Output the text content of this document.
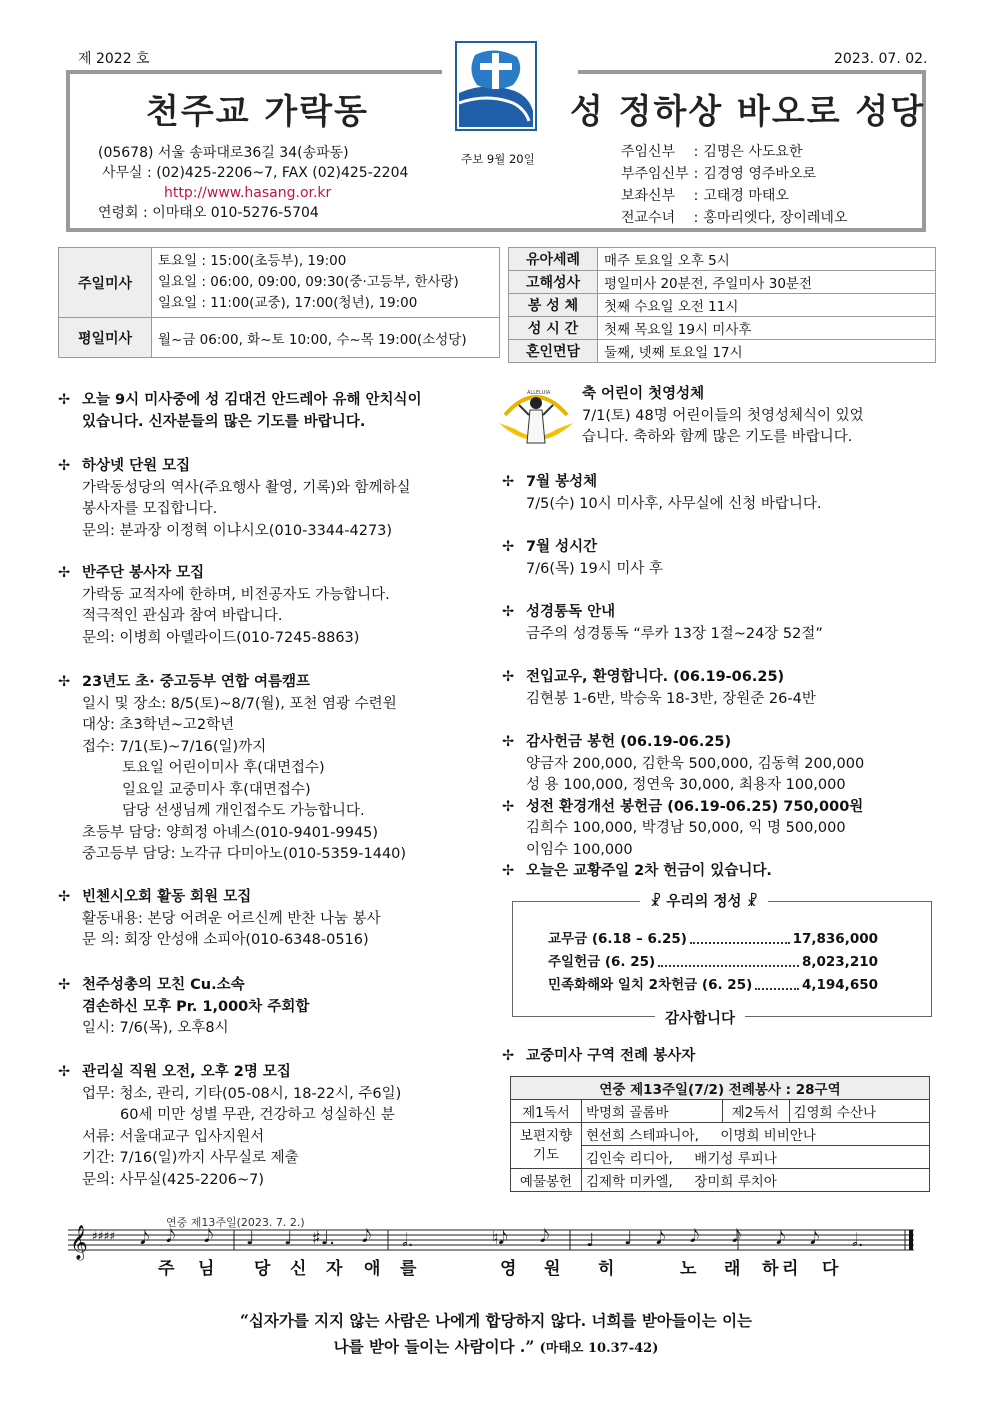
제 2022 호	2023. 07. 02.
천주교 가락동	성 정하상 바오로 성당
(05678) 서울 송파대로36길 34(송파동)
사무실 : (02)425-2206~7, FAX (02)425-2204
http://www.hasang.or.kr
연령회 : 이마태오 010-5276-5704
주보 9월 20일	주임신부	:	김명은 사도요한
부주임신부	:	김경영 영주바오로
보좌신부	:	고태경 마태오
전교수녀	:	홍마리엣다, 장이레네오
주일미사	토요일 : 15:00(초등부), 19:00
일요일 : 06:00, 09:00, 09:30(중·고등부, 한사랑)
일요일 : 11:00(교중), 17:00(청년), 19:00

평일미사	월~금 06:00, 화~토 10:00, 수~목 19:00(소성당)
유아세례	매주 토요일 오후 5시
고해성사	평일미사 20분전, 주일미사 30분전
봉 성 체	첫째 수요일 오전 11시
성 시 간	첫째 목요일 19시 미사후
혼인면담	둘째, 넷째 토요일 17시
✢ 오늘 9시 미사중에 성 김대건 안드레아 유해 안치식이
있습니다. 신자분들의 많은 기도를 바랍니다.
✢ 하상넷 단원 모집
가락동성당의 역사(주요행사 촬영, 기록)와 함께하실
봉사자를 모집합니다.
문의: 분과장 이정혁 이냐시오(010-3344-4273)
✢ 반주단 봉사자 모집
가락동 교적자에 한하며, 비전공자도 가능합니다.
적극적인 관심과 참여 바랍니다.
문의: 이병희 아델라이드(010-7245-8863)
✢ 23년도 초· 중고등부 연합 여름캠프
일시 및 장소: 8/5(토)~8/7(월), 포천 염광 수련원
대상: 초3학년~고2학년
접수: 7/1(토)~7/16(일)까지
토요일 어린이미사 후(대면접수)
일요일 교중미사 후(대면접수)
담당 선생님께 개인접수도 가능합니다.
초등부 담당: 양희정 아녜스(010-9401-9945)
중고등부 담당: 노각규 다미아노(010-5359-1440)
✢ 빈첸시오회 활동 회원 모집
활동내용: 본당 어려운 어르신께 반찬 나눔 봉사
문 의: 회장 안성애 소피아(010-6348-0516)
✢ 천주성총의 모친 Cu.소속
겸손하신 모후 Pr. 1,000차 주회합
일시: 7/6(목), 오후8시
✢ 관리실 직원 오전, 오후 2명 모집
업무: 청소, 관리, 기타(05-08시, 18-22시, 주6일)
60세 미만 성별 무관, 건강하고 성실하신 분
서류: 서울대교구 입사지원서
기간: 7/16(일)까지 사무실로 제출
문의: 사무실(425-2206~7)
ALLELUIA 축 어린이 첫영성체
7/1(토) 48명 어린이들의 첫영성체식이 있었
습니다. 축하와 함께 많은 기도를 바랍니다.
✢ 7월 봉성체
7/5(수) 10시 미사후, 사무실에 신청 바랍니다.
✢ 7월 성시간
7/6(목) 19시 미사 후
✢ 성경통독 안내
금주의 성경통독 “루카 13장 1절~24장 52절”
✢ 전입교우, 환영합니다. (06.19-06.25)
김현봉 1-6반, 박승욱 18-3반, 장원준 26-4반
✢ 감사헌금 봉헌 (06.19-06.25)
양금자 200,000, 김한욱 500,000, 김동혁 200,000
성 용 100,000, 정연욱 30,000, 최용자 100,000
✢ 성전 환경개선 봉헌금 (06.19-06.25) 750,000원
김희수 100,000, 박경남 50,000, 익 명 500,000
이임수 100,000
✢ 오늘은 교황주일 2차 헌금이 있습니다.
☧ 우리의 정성 ☧
교무금 (6.18 – 6.25)	17,836,000
주일헌금 (6. 25)	8,023,210
민족화해와 일치 2차헌금 (6. 25)	4,194,650
감사합니다
✢ 교중미사 구역 전례 봉사자
연중 제13주일(7/2) 전례봉사 : 28구역			
제1독서	박명희 골롬바	제2독서	김영희 수산나
보편지향 기도	현선희 스테파니아,     이명희 비비안나		
	김인숙 리디아,     배기성 루피나		
예물봉헌	김제학 미카엘,     장미희 루치아		
연중 제13주일(2023. 7. 2.)
𝄞 ♯♯♯♯ 𝅘𝅥𝅮 𝅘𝅥𝅮 𝅘𝅥𝅮 ♩ ♩ ♯♩. 𝅘𝅥𝅮 𝅗𝅥.	♮𝅘𝅥𝅮 𝅘𝅥𝅮 ♩ ♩ 𝅘𝅥𝅮 𝅘𝅥𝅮 𝅘𝅥𝅮 𝅘𝅥𝅮 𝅘𝅥𝅮 𝅗𝅥.
주 님 당 신 자 애 를	영 원 히	노 래 하 리 다
“십자가를 지지 않는 사람은 나에게 합당하지 않다. 너희를 받아들이는 이는
나를 받아 들이는 사람이다 .” (마태오 10.37-42)
